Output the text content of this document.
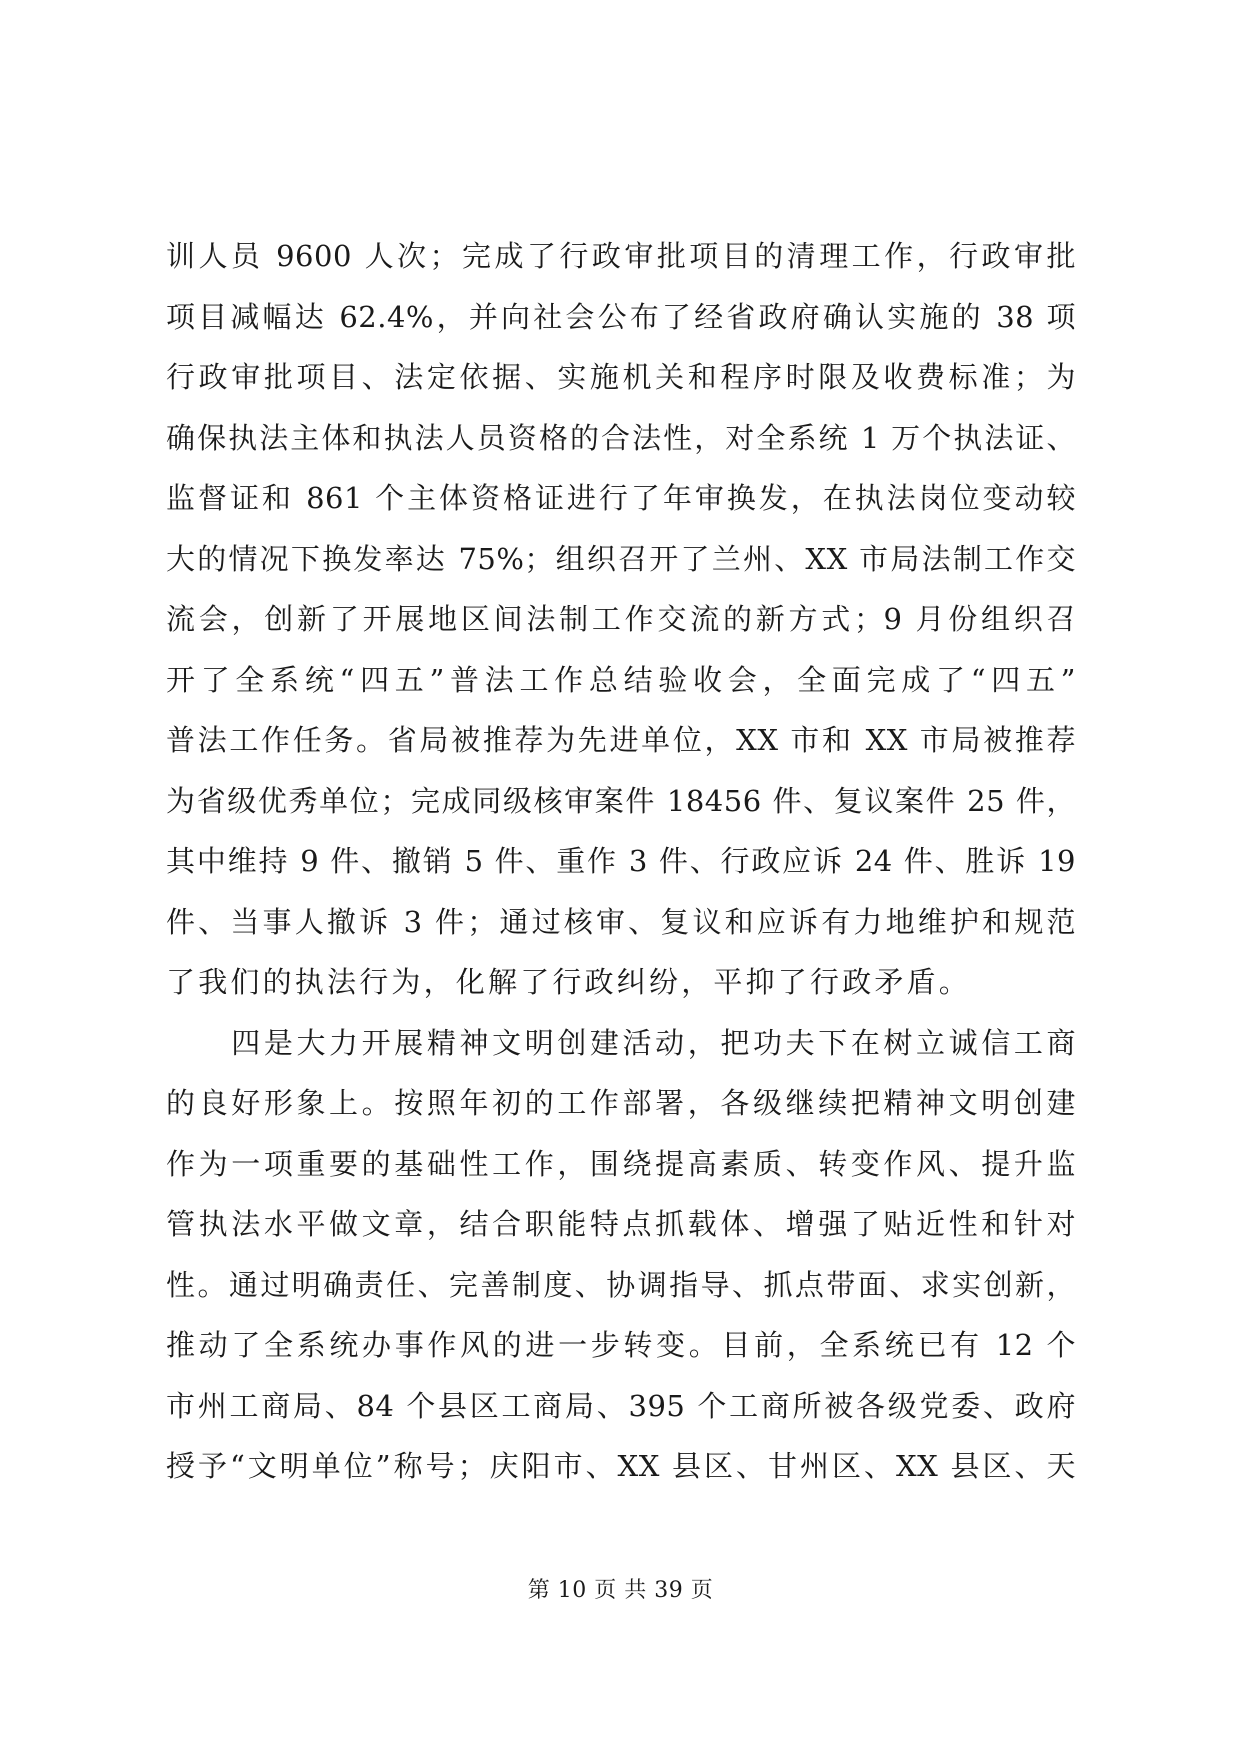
训人员 9600 人次；完成了行政审批项目的清理工作，行政审批
项目减幅达 62.4%，并向社会公布了经省政府确认实施的 38 项
行政审批项目、法定依据、实施机关和程序时限及收费标准；为
确保执法主体和执法人员资格的合法性，对全系统 1 万个执法证、
监督证和 861 个主体资格证进行了年审换发，在执法岗位变动较
大的情况下换发率达 75%；组织召开了兰州、XX 市局法制工作交
流会，创新了开展地区间法制工作交流的新方式；9 月份组织召
开了全系统“四五”普法工作总结验收会，全面完成了“四五”
普法工作任务。省局被推荐为先进单位，XX 市和 XX 市局被推荐
为省级优秀单位；完成同级核审案件 18456 件、复议案件 25 件，
其中维持 9 件、撤销 5 件、重作 3 件、行政应诉 24 件、胜诉 19
件、当事人撤诉 3 件；通过核审、复议和应诉有力地维护和规范
了我们的执法行为，化解了行政纠纷，平抑了行政矛盾。
　　四是大力开展精神文明创建活动，把功夫下在树立诚信工商
的良好形象上。按照年初的工作部署，各级继续把精神文明创建
作为一项重要的基础性工作，围绕提高素质、转变作风、提升监
管执法水平做文章，结合职能特点抓载体、增强了贴近性和针对
性。通过明确责任、完善制度、协调指导、抓点带面、求实创新，
推动了全系统办事作风的进一步转变。目前，全系统已有 12 个
市州工商局、84 个县区工商局、395 个工商所被各级党委、政府
授予“文明单位”称号；庆阳市、XX 县区、甘州区、XX 县区、天
第 10 页 共 39 页
